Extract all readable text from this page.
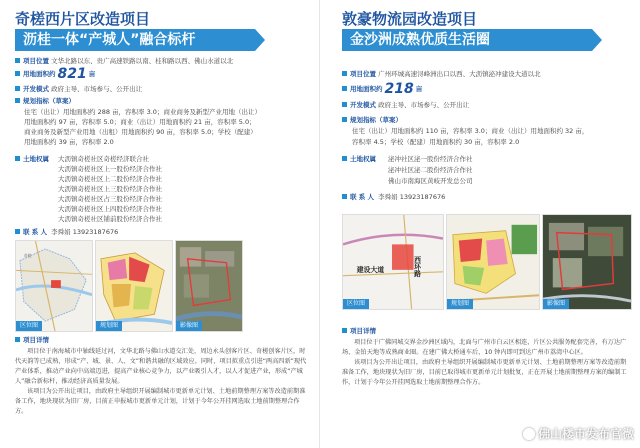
奇槎西片区改造项目
沥桂一体“产城人”融合标杆
项目位置 文华北路以东、贵广高速铁路以南、桂和路以西、佛山水道以北
用地面积约 821 亩
开发模式 政府主导、市场参与、公开出让
规划指标（草案）
住宅（出让）用地面积约 288 亩，容积率 3.0；商业商务及新型产业用地（出让）
用地面积约 97 亩，容积率 5.0；商业（出让）用地面积约 21 亩，容积率 5.0；
商业商务及新型产业用地（出租）用地面积约 90 亩，容积率 5.0；学校（配建）
用地面积约 39 亩，容积率 2.0
土地权属 大沥镇奇槎社区奇槎经济联合社
大沥镇奇槎社区上一股份经济合作社
大沥镇奇槎社区上二股份经济合作社
大沥镇奇槎社区上三股份经济合作社
大沥镇奇槎社区占三股份经济合作社
大沥镇奇槎社区上四股份经济合作社
大沥镇奇槎社区铺前股份经济合作社
联 系 人 李舜娟 13923187676
奇槎
区位图	规划图	影像图
项目详情

项目位于南海城市中轴线延过河，文华北路与佛山水道交汇处，周边永头创客片区、奇槎创客片区，时代天韵等已成熟，形成“产、城、景、人、文”和谐共融的区域效应。同时，项目拟重点引进“两高四新”现代产业体系，推动产业向中高端迈进，提高产业核心竞争力，以产业吸引人才，以人才促进产业，形成“产城人”融合新标杆，推动经济高质量发展。

该项目为公开出让项目，由政府主导组织开展编制城市更新单元计划、土地前期整理方案等改造前期准备工作，地块现状为旧厂房，目前正申报城市更新单元计划，计划于今年公开挂网选取土地前期整理合作方。

敦豪物流园改造项目
金沙洲成熟优质生活圈
项目位置 广州环城高速浔峰洲出口以西、大沥镇泌冲建设大道以北
用地面积约 218 亩
开发模式 政府主导、市场参与、公开出让
规划指标（草案）
住宅（出让）用地面积约 110 亩，容积率 3.0；商业（出让）用地面积约 32 亩，
容积率 4.5；学校（配建）用地面积约 30 亩，容积率 2.0
土地权属 泌冲社区泌一股份经济合作社
泌冲社区泌二股份经济合作社
佛山市南海区黄岐开发总公司
联 系 人 李舜娟 13923187676
建设大道	西环路
区位图	规划图	影像图
项目详情

项目位于广佛同城交界金沙洲区域内，北面与广州市白云区相连，片区公共服务配套完善，有万达广场、金铂天地等成熟商业圈。在建广佛大桥通车后，10 钟内即可到达广州市荔湾中心区。

该项目为公开出让项目，由政府主导组织开展编制城市更新单元计划、土地前期整理方案等改造前期准备工作，地块现状为旧厂房，目前已取得城市更新单元计划批复，正在开展土地前期整理方案的编制工作，计划于今年公开挂网选取土地前期整理合作方。

佛山楼市发布官微
